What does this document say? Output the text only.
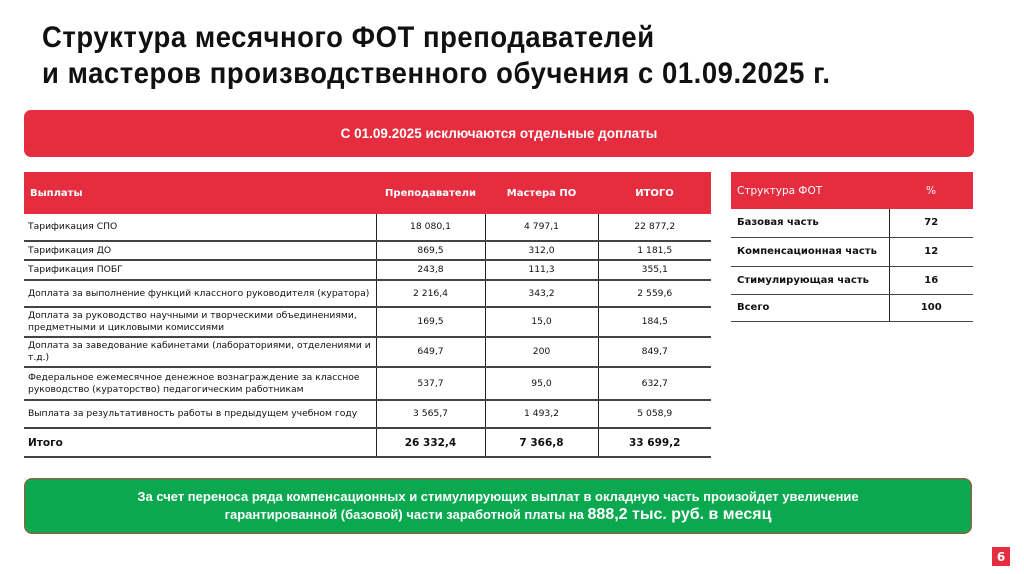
Структура месячного ФОТ преподавателей
и мастеров производственного обучения с 01.09.2025 г.
С 01.09.2025 исключаются отдельные доплаты
Выплаты	Преподаватели	Мастера ПО	ИТОГО
Тарификация СПО	18 080,1	4 797,1	22 877,2
Тарификация ДО	869,5	312,0	1 181,5
Тарификация ПОБГ	243,8	111,3	355,1
Доплата за выполнение функций классного руководителя (куратора)	2 216,4	343,2	2 559,6
Доплата за руководство научными и творческими объединениями, предметными и цикловыми комиссиями	169,5	15,0	184,5
Доплата за заведование кабинетами (лабораториями, отделениями и т.д.)	649,7	200	849,7
Федеральное ежемесячное денежное вознаграждение за классное руководство (кураторство) педагогическим работникам	537,7	95,0	632,7
Выплата за результативность работы в предыдущем учебном году	3 565,7	1 493,2	5 058,9
Итого	26 332,4	7 366,8	33 699,2
Структура ФОТ	%
Базовая часть	72
Компенсационная часть	12
Стимулирующая часть	16
Всего	100
За счет переноса ряда компенсационных и стимулирующих выплат в окладную часть произойдет увеличение
гарантированной (базовой) части заработной платы на 888,2 тыс. руб. в месяц
6
